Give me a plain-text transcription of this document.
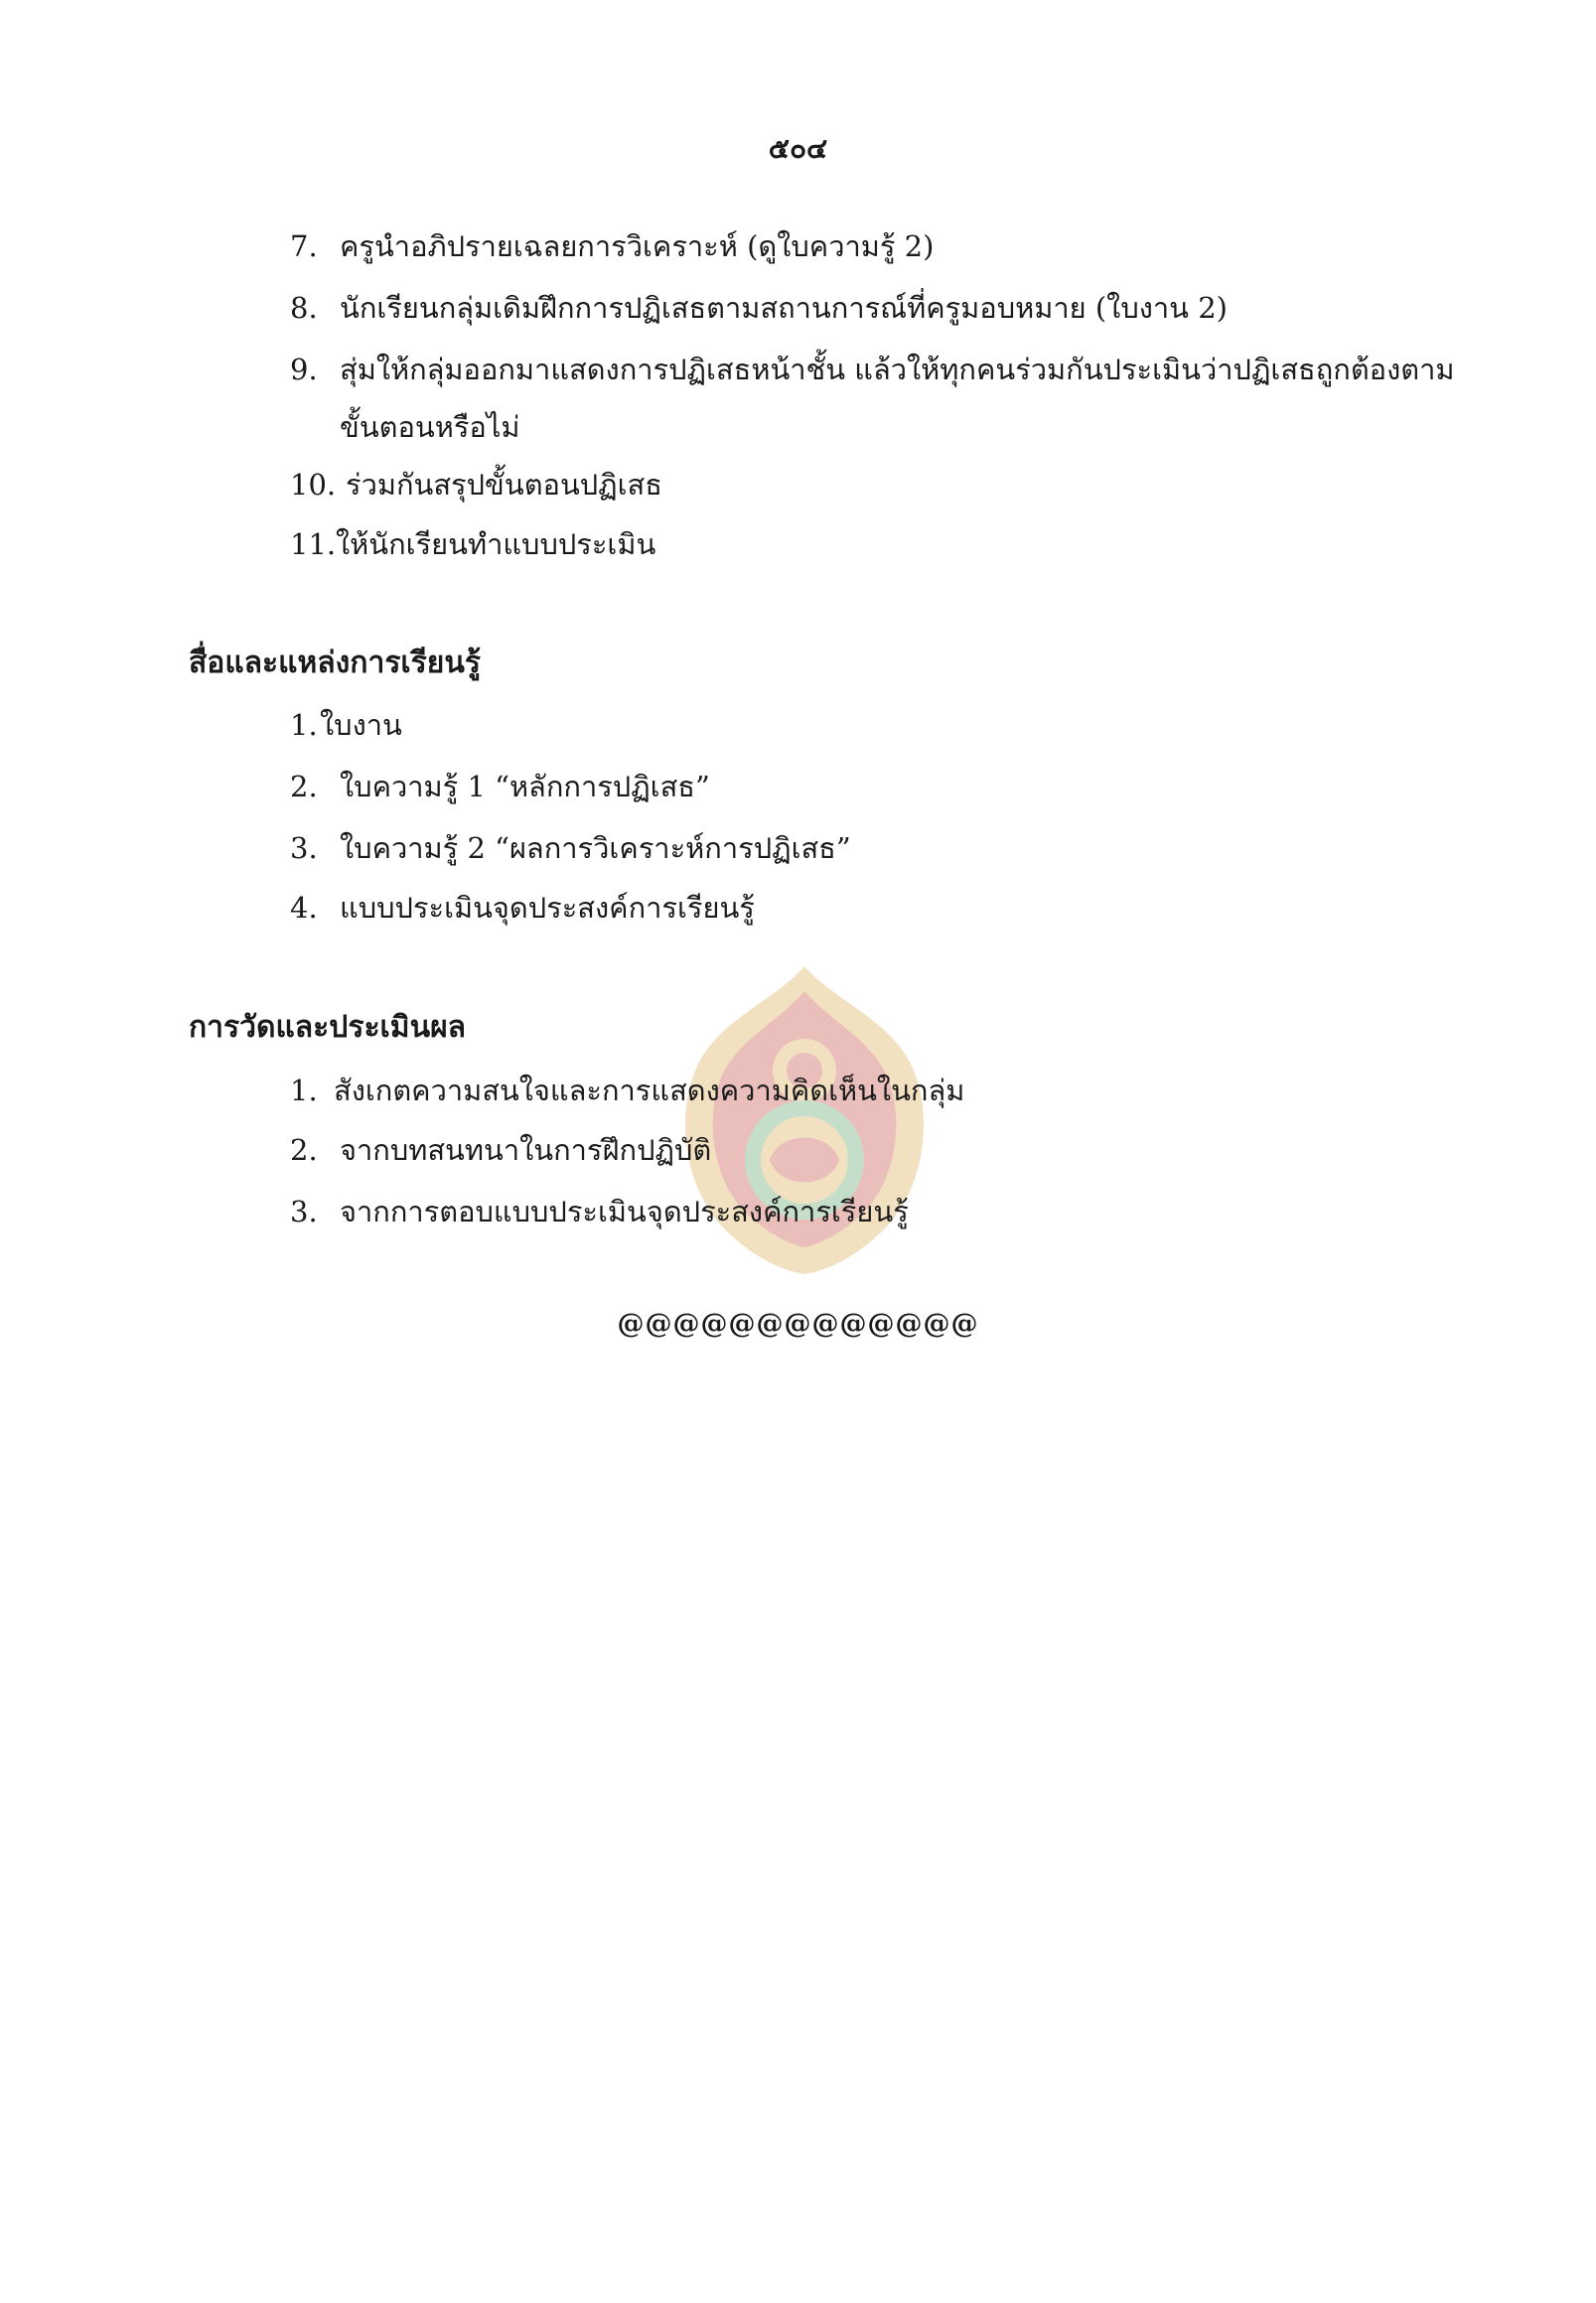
๕๐๔
7. ครูนำอภิปรายเฉลยการวิเคราะห์ (ดูใบความรู้ 2)
8. นักเรียนกลุ่มเดิมฝึกการปฏิเสธตามสถานการณ์ที่ครูมอบหมาย (ใบงาน 2)
9. สุ่มให้กลุ่มออกมาแสดงการปฏิเสธหน้าชั้น แล้วให้ทุกคนร่วมกันประเมินว่าปฏิเสธถูกต้องตามขั้นตอนหรือไม่
10. ร่วมกันสรุปขั้นตอนปฏิเสธ
11. ให้นักเรียนทำแบบประเมิน
สื่อและแหล่งการเรียนรู้
1. ใบงาน
2. ใบความรู้ 1 “หลักการปฏิเสธ”
3. ใบความรู้ 2 “ผลการวิเคราะห์การปฏิเสธ”
4. แบบประเมินจุดประสงค์การเรียนรู้
การวัดและประเมินผล
1. สังเกตความสนใจและการแสดงความคิดเห็นในกลุ่ม
2. จากบทสนทนาในการฝึกปฏิบัติ
3. จากการตอบแบบประเมินจุดประสงค์การเรียนรู้
@@@@@@@@@@@@@
